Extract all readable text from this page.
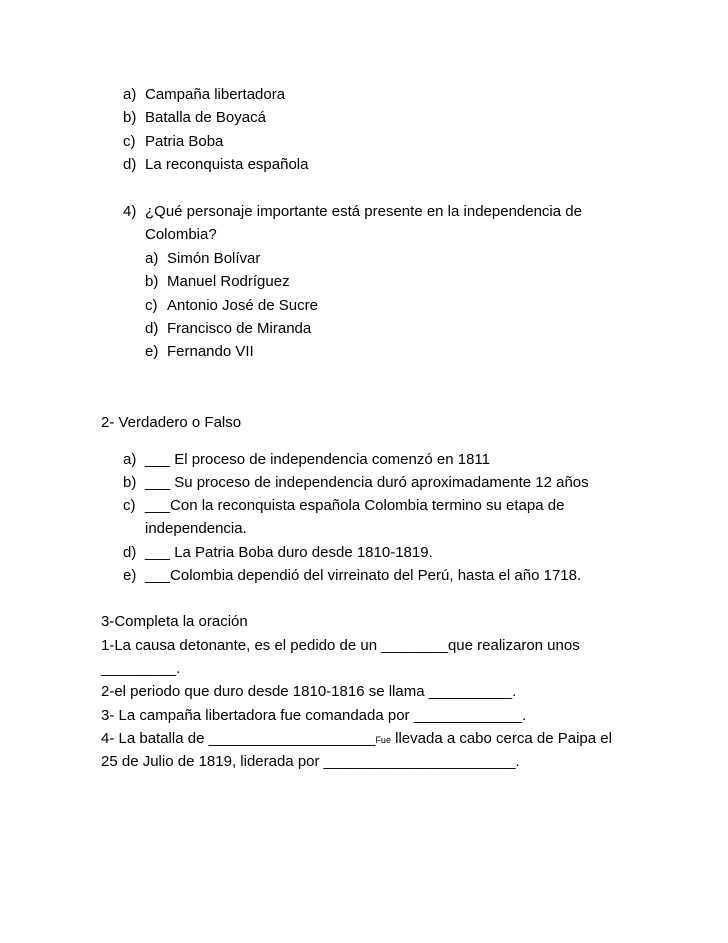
a) Campaña libertadora
b) Batalla de Boyacá
c) Patria Boba
d) La reconquista española
4) ¿Qué personaje importante está presente en la independencia de
Colombia?
a) Simón Bolívar
b) Manuel Rodríguez
c) Antonio José de Sucre
d) Francisco de Miranda
e) Fernando VII
2- Verdadero o Falso
a) ___ El proceso de independencia comenzó en 1811
b) ___ Su proceso de independencia duró aproximadamente 12 años
c) ___Con la reconquista española Colombia termino su etapa de
independencia.
d) ___ La Patria Boba duro desde 1810-1819.
e) ___Colombia dependió del virreinato del Perú, hasta el año 1718.
3-Completa la oración
1-La causa detonante, es el pedido de un ________que realizaron unos
_________.
2-el periodo que duro desde 1810-1816 se llama __________.
3- La campaña libertadora fue comandada por _____________.
4- La batalla de ____________________Fue llevada a cabo cerca de Paipa el
25 de Julio de 1819, liderada por _______________________.
